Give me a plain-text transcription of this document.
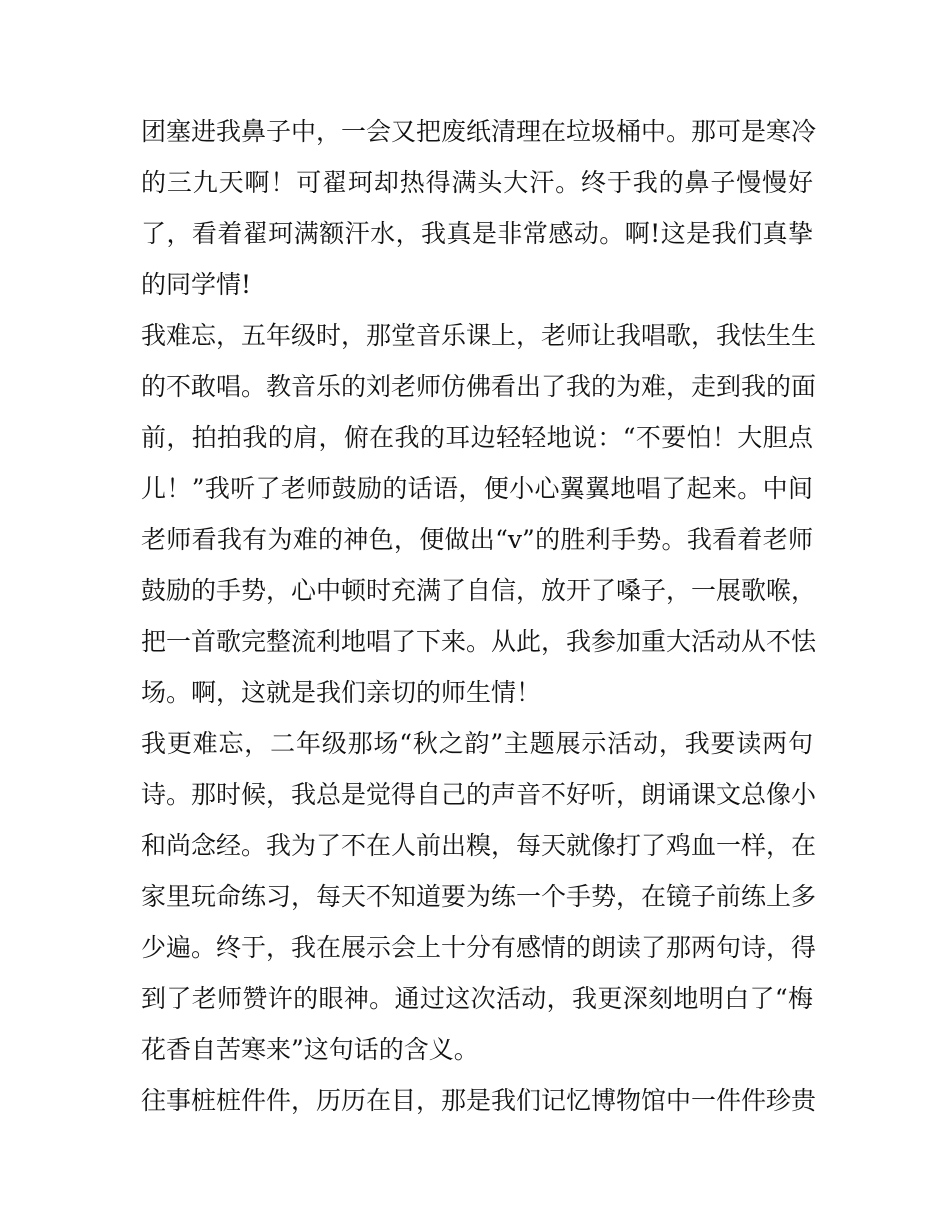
团塞进我鼻子中，一会又把废纸清理在垃圾桶中。那可是寒冷
的三九天啊！可翟珂却热得满头大汗。终于我的鼻子慢慢好
了，看着翟珂满额汗水，我真是非常感动。啊!这是我们真挚
的同学情!

我难忘，五年级时，那堂音乐课上，老师让我唱歌，我怯生生
的不敢唱。教音乐的刘老师仿佛看出了我的为难，走到我的面
前，拍拍我的肩，俯在我的耳边轻轻地说：“不要怕！大胆点
儿！”我听了老师鼓励的话语，便小心翼翼地唱了起来。中间
老师看我有为难的神色，便做出“v”的胜利手势。我看着老师
鼓励的手势，心中顿时充满了自信，放开了嗓子，一展歌喉，
把一首歌完整流利地唱了下来。从此，我参加重大活动从不怯
场。啊，这就是我们亲切的师生情！

我更难忘，二年级那场“秋之韵”主题展示活动，我要读两句
诗。那时候，我总是觉得自己的声音不好听，朗诵课文总像小
和尚念经。我为了不在人前出糗，每天就像打了鸡血一样，在
家里玩命练习，每天不知道要为练一个手势，在镜子前练上多
少遍。终于，我在展示会上十分有感情的朗读了那两句诗，得
到了老师赞许的眼神。通过这次活动，我更深刻地明白了“梅
花香自苦寒来”这句话的含义。

往事桩桩件件，历历在目，那是我们记忆博物馆中一件件珍贵
